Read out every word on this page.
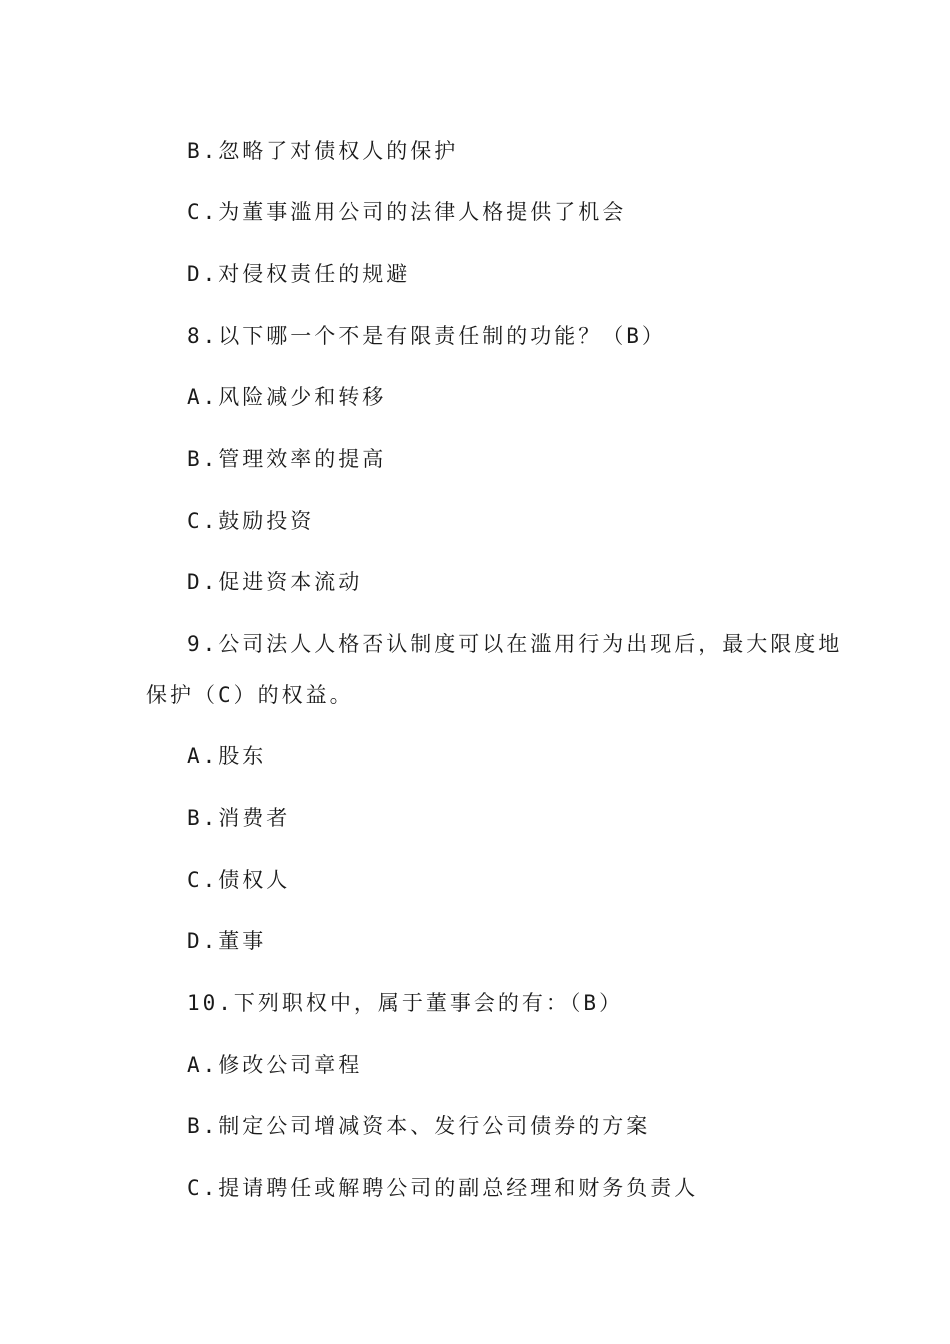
B.忽略了对债权人的保护
C.为董事滥用公司的法律人格提供了机会
D.对侵权责任的规避
8.以下哪一个不是有限责任制的功能？（B）
A.风险减少和转移
B.管理效率的提高
C.鼓励投资
D.促进资本流动
9.公司法人人格否认制度可以在滥用行为出现后，最大限度地
保护（C）的权益。
A.股东
B.消费者
C.债权人
D.董事
10.下列职权中，属于董事会的有：（B）
A.修改公司章程
B.制定公司增减资本、发行公司债券的方案
C.提请聘任或解聘公司的副总经理和财务负责人
